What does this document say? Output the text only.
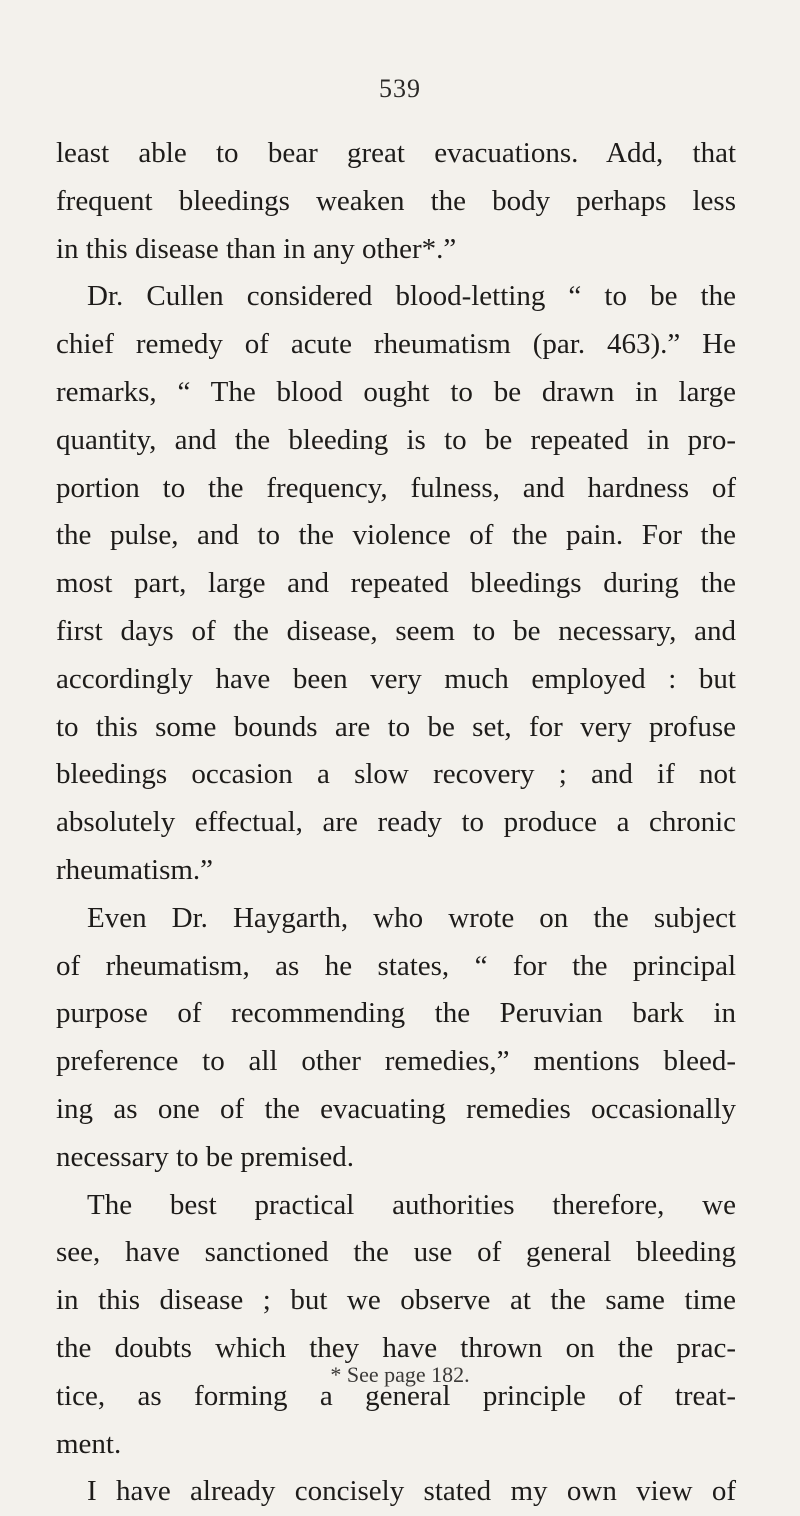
539
least able to bear great evacuations. Add, that
frequent bleedings weaken the body perhaps less
in this disease than in any other*.”
Dr. Cullen considered blood-letting “ to be the
chief remedy of acute rheumatism (par. 463).” He
remarks, “ The blood ought to be drawn in large
quantity, and the bleeding is to be repeated in pro-
portion to the frequency, fulness, and hardness of
the pulse, and to the violence of the pain. For the
most part, large and repeated bleedings during the
first days of the disease, seem to be necessary, and
accordingly have been very much employed : but
to this some bounds are to be set, for very profuse
bleedings occasion a slow recovery ; and if not
absolutely effectual, are ready to produce a chronic
rheumatism.”
Even Dr. Haygarth, who wrote on the subject
of rheumatism, as he states, “ for the principal
purpose of recommending the Peruvian bark in
preference to all other remedies,” mentions bleed-
ing as one of the evacuating remedies occasionally
necessary to be premised.
The best practical authorities therefore, we
see, have sanctioned the use of general bleeding
in this disease ; but we observe at the same time
the doubts which they have thrown on the prac-
tice, as forming a general principle of treat-
ment.
I have already concisely stated my own view of
* See page 182.
